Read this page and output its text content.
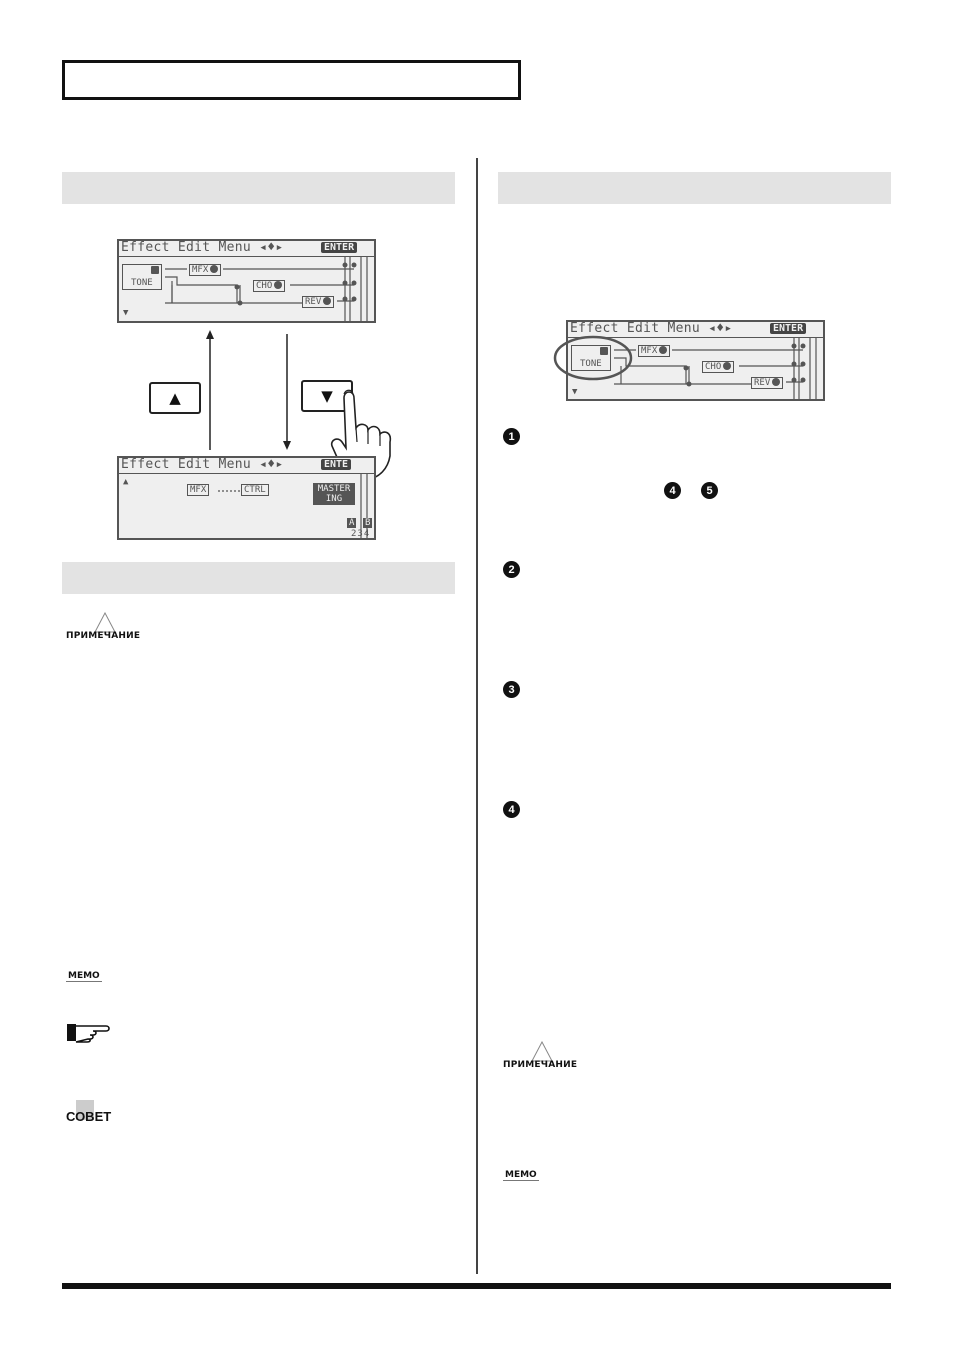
Effect Edit Menu ◂♦▸	ENTER
TONE
MFX
CHO
REV
▼
▲	▼
Effect Edit Menu ◂♦▸	ENTE
▲
MFX	CTRL	MASTER
ING
A B
234
Effect Edit Menu ◂♦▸	ENTER
TONE
MFX
CHO
REV
▼
$_{ПРИМЕЧАНИЕ}$
MEMO
СОВЕТ
1
4	5
2
3
4
$_{ПРИМЕЧАНИЕ}$
MEMO
